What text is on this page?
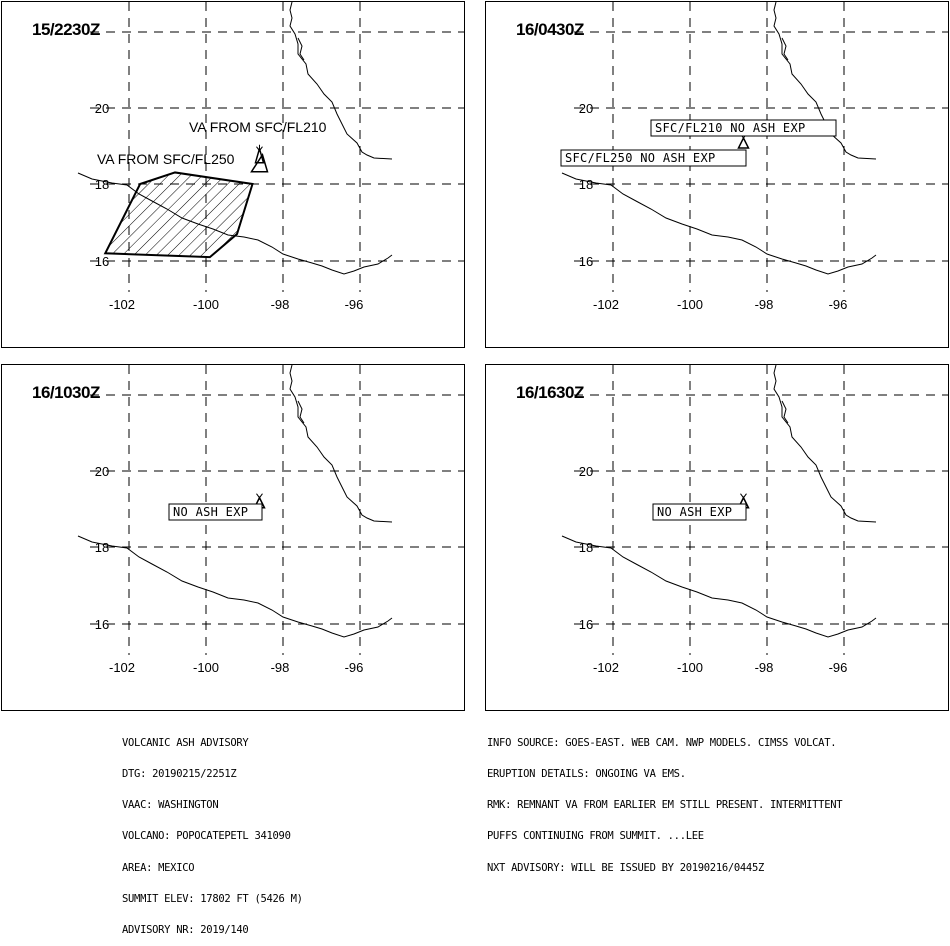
-102	-100	-98	-96
20
18
16
VA FROM SFC/FL210
VA FROM SFC/FL250
15/2230Z
-102	-100	-98	-96
20
18
16
SFC/FL210 NO ASH EXP
SFC/FL250 NO ASH EXP
16/0430Z
-102	-100	-98	-96
20
18
16
NO ASH EXP
16/1030Z
-102	-100	-98	-96
20
18
16
NO ASH EXP
16/1630Z

VOLCANIC ASH ADVISORY

DTG: 20190215/2251Z

VAAC: WASHINGTON

VOLCANO: POPOCATEPETL 341090

AREA: MEXICO

SUMMIT ELEV: 17802 FT (5426 M)

ADVISORY NR: 2019/140

INFO SOURCE: GOES-EAST. WEB CAM. NWP MODELS. CIMSS VOLCAT.

ERUPTION DETAILS: ONGOING VA EMS.

RMK: REMNANT VA FROM EARLIER EM STILL PRESENT. INTERMITTENT

PUFFS CONTINUING FROM SUMMIT. ...LEE

NXT ADVISORY: WILL BE ISSUED BY 20190216/0445Z
